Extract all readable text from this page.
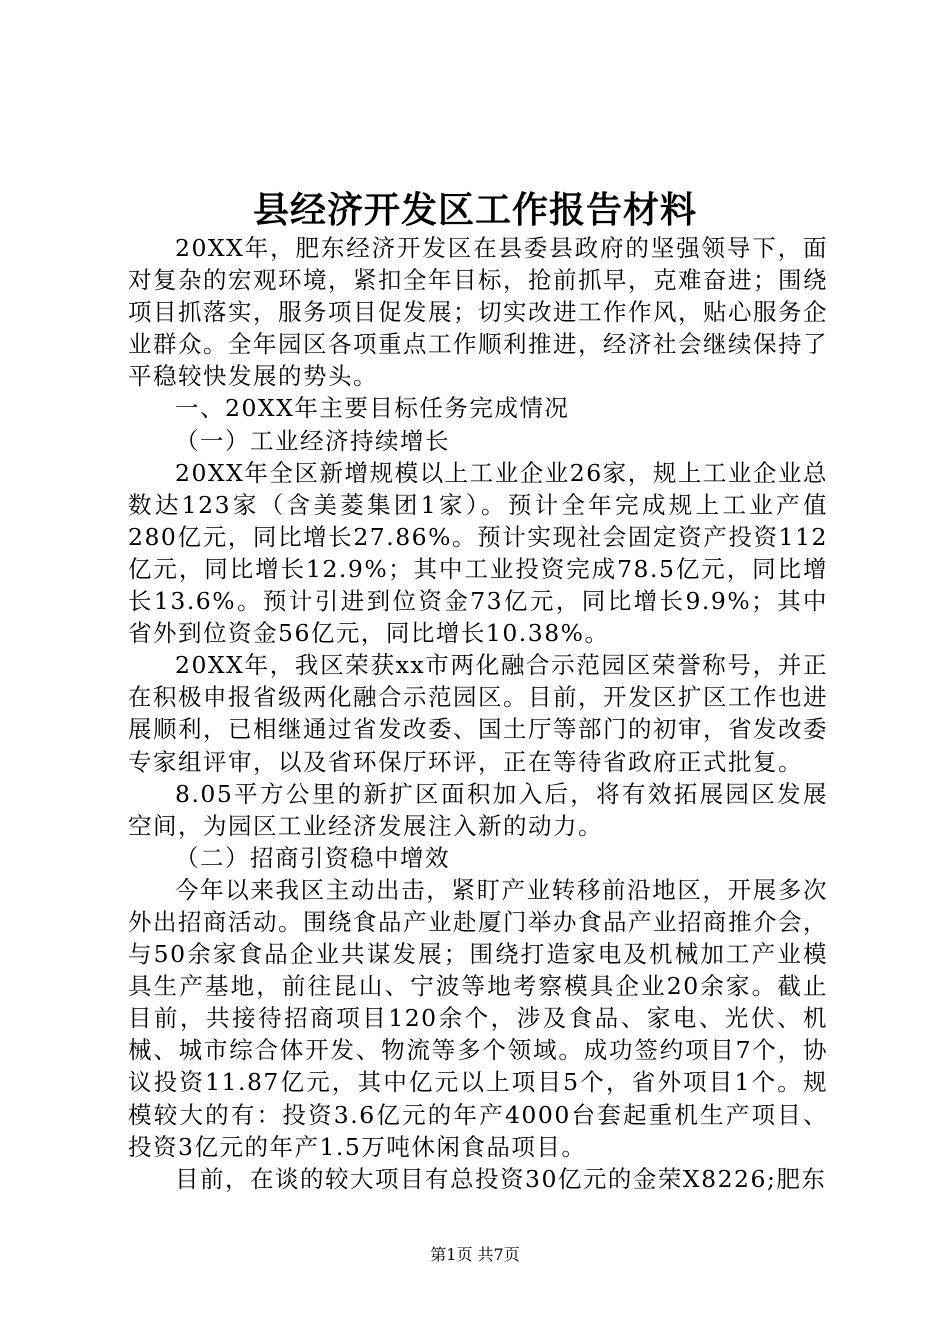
县经济开发区工作报告材料

20XX年，肥东经济开发区在县委县政府的坚强领导下，面对复杂的宏观环境，紧扣全年目标，抢前抓早，克难奋进；围绕项目抓落实，服务项目促发展；切实改进工作作风，贴心服务企业群众。全年园区各项重点工作顺利推进，经济社会继续保持了平稳较快发展的势头。

一、20XX年主要目标任务完成情况

（一）工业经济持续增长

20XX年全区新增规模以上工业企业26家，规上工业企业总数达123家（含美菱集团1家）。预计全年完成规上工业产值280亿元，同比增长27.86%。预计实现社会固定资产投资112亿元，同比增长12.9%；其中工业投资完成78.5亿元，同比增长13.6%。预计引进到位资金73亿元，同比增长9.9%；其中省外到位资金56亿元，同比增长10.38%。

20XX年，我区荣获xx市两化融合示范园区荣誉称号，并正在积极申报省级两化融合示范园区。目前，开发区扩区工作也进展顺利，已相继通过省发改委、国土厅等部门的初审，省发改委专家组评审，以及省环保厅环评，正在等待省政府正式批复。

8.05平方公里的新扩区面积加入后，将有效拓展园区发展空间，为园区工业经济发展注入新的动力。

（二）招商引资稳中增效

今年以来我区主动出击，紧盯产业转移前沿地区，开展多次外出招商活动。围绕食品产业赴厦门举办食品产业招商推介会，与50余家食品企业共谋发展；围绕打造家电及机械加工产业模具生产基地，前往昆山、宁波等地考察模具企业20余家。截止目前，共接待招商项目120余个，涉及食品、家电、光伏、机械、城市综合体开发、物流等多个领域。成功签约项目7个，协议投资11.87亿元，其中亿元以上项目5个，省外项目1个。规模较大的有：投资3.6亿元的年产4000台套起重机生产项目、投资3亿元的年产1.5万吨休闲食品项目。

目前，在谈的较大项目有总投资30亿元的金荣X8226;肥东

第1页 共7页
